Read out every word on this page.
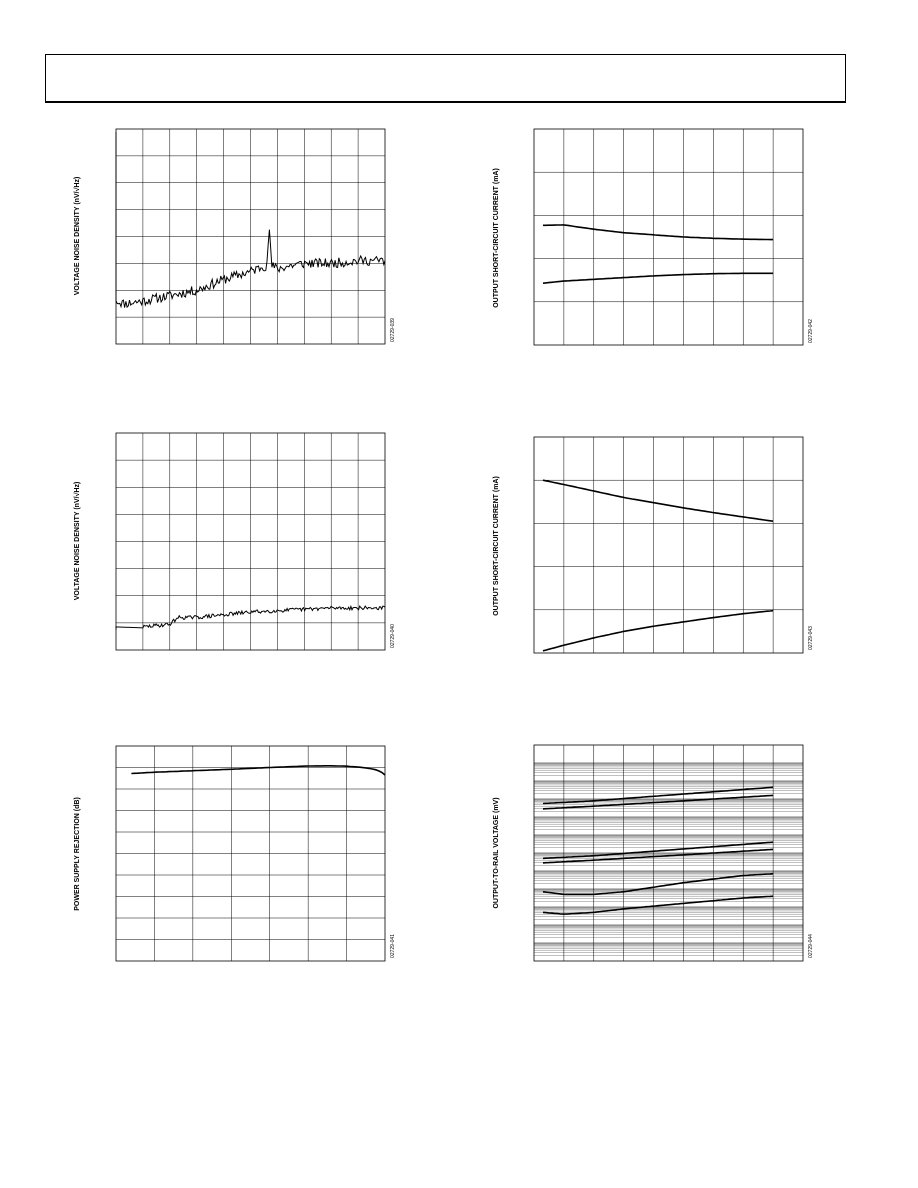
VOLTAGE NOISE DENSITY (nV/√Hz)
02729-039
OUTPUT SHORT-CIRCUIT CURRENT (mA)
02729-042
VOLTAGE NOISE DENSITY (nV/√Hz)
02729-040
OUTPUT SHORT-CIRCUIT CURRENT (mA)
02729-043
POWER SUPPLY REJECTION (dB)
02729-041
OUTPUT-TO-RAIL VOLTAGE (mV)
02729-044
